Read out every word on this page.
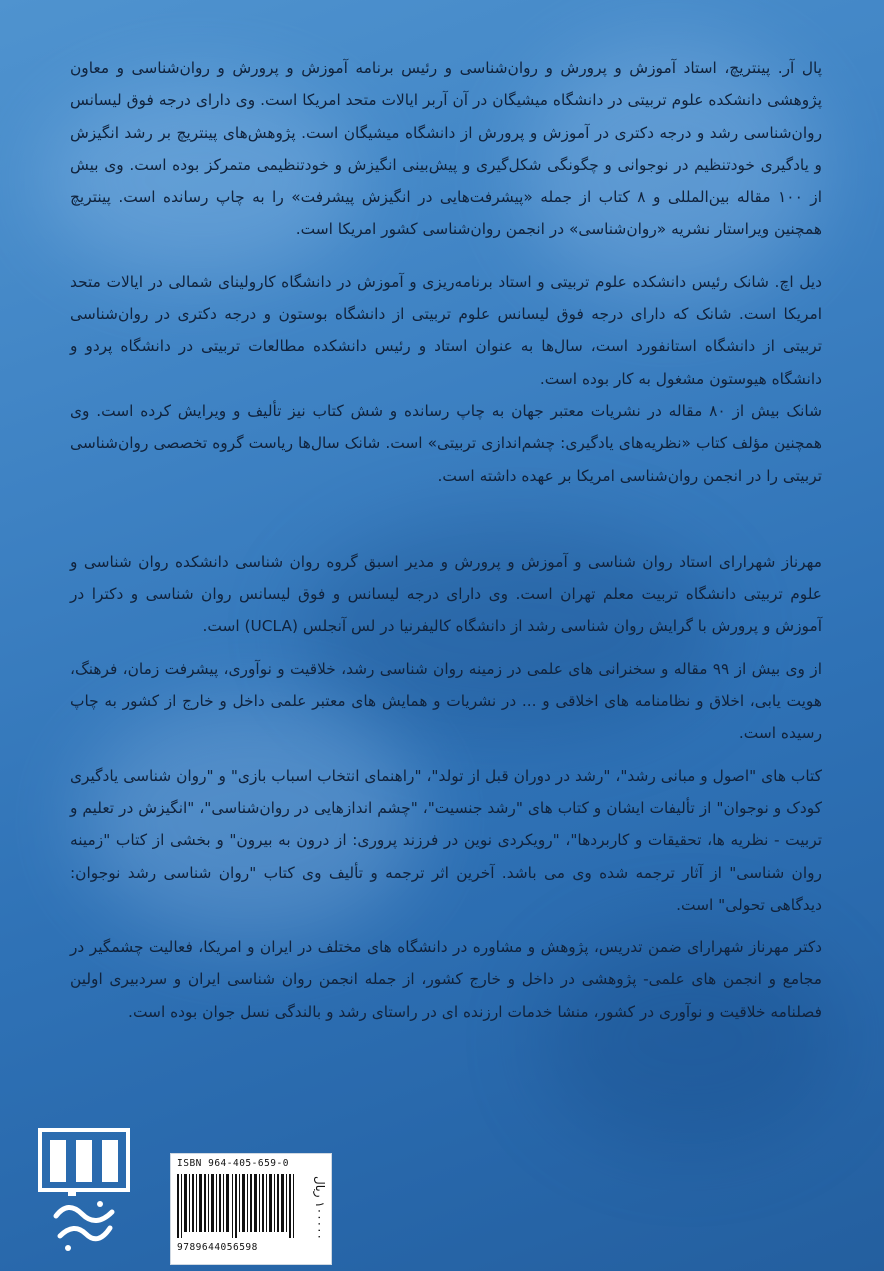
پال آر. پینتریچ، استاد آموزش و پرورش و روان‌شناسی و رئیس برنامه آموزش و پرورش و روان‌شناسی و معاون پژوهشی دانشکده علوم تربیتی در دانشگاه میشیگان در آن آربر ایالات متحد امریکا است. وی دارای درجه فوق لیسانس روان‌شناسی رشد و درجه دکتری در آموزش و پرورش از دانشگاه میشیگان است. پژوهش‌های پینتریچ بر رشد انگیزش و یادگیری خودتنظیم در نوجوانی و چگونگی شکل‌گیری و پیش‌بینی انگیزش و خودتنظیمی متمرکز بوده است. وی بیش از ۱۰۰ مقاله بین‌المللی و ۸ کتاب از جمله «پیشرفت‌هایی در انگیزش پیشرفت» را به چاپ رسانده است. پینتریچ همچنین ویراستار نشریه «روان‌شناسی» در انجمن روان‌شناسی کشور امریکا است.

دیل اچ. شانک رئیس دانشکده علوم تربیتی و استاد برنامه‌ریزی و آموزش در دانشگاه کارولینای شمالی در ایالات متحد امریکا است. شانک که دارای درجه فوق لیسانس علوم تربیتی از دانشگاه بوستون و درجه دکتری در روان‌شناسی تربیتی از دانشگاه استانفورد است، سال‌ها به عنوان استاد و رئیس دانشکده مطالعات تربیتی در دانشگاه پردو و دانشگاه هیوستون مشغول به کار بوده است.

شانک بیش از ۸۰ مقاله در نشریات معتبر جهان به چاپ رسانده و شش کتاب نیز تألیف و ویرایش کرده است. وی همچنین مؤلف کتاب «نظریه‌های یادگیری: چشم‌اندازی تربیتی» است. شانک سال‌ها ریاست گروه تخصصی روان‌شناسی تربیتی را در انجمن روان‌شناسی امریکا بر عهده داشته است.

مهرناز شهرارای استاد روان شناسی و آموزش و پرورش و مدیر اسبق گروه روان شناسی دانشکده روان شناسی و علوم تربیتی دانشگاه تربیت معلم تهران است. وی دارای درجه لیسانس و فوق لیسانس روان شناسی و دکترا در آموزش و پرورش با گرایش روان شناسی رشد از دانشگاه کالیفرنیا در لس آنجلس (UCLA) است.

از وی بیش از ۹۹ مقاله و سخنرانی های علمی در زمینه روان شناسی رشد، خلاقیت و نوآوری، پیشرفت زمان، فرهنگ، هویت یابی، اخلاق و نظامنامه های اخلاقی و ... در نشریات و همایش های معتبر علمی داخل و خارج از کشور به چاپ رسیده است.

کتاب های "اصول و مبانی رشد"، "رشد در دوران قبل از تولد"، "راهنمای انتخاب اسباب بازی" و "روان شناسی یادگیری کودک و نوجوان" از تألیفات ایشان و کتاب های "رشد جنسیت"، "چشم اندازهایی در روان‌شناسی"، "انگیزش در تعلیم و تربیت - نظریه ها، تحقیقات و کاربردها"، "رویکردی نوین در فرزند پروری: از درون به بیرون" و بخشی از کتاب "زمینه روان شناسی" از آثار ترجمه شده وی می باشد. آخرین اثر ترجمه و تألیف وی کتاب "روان شناسی رشد نوجوان: دیدگاهی تحولی" است.

دکتر مهرناز شهرارای ضمن تدریس، پژوهش و مشاوره در دانشگاه های مختلف در ایران و امریکا، فعالیت چشمگیر در مجامع و انجمن های علمی- پژوهشی در داخل و خارج کشور، از جمله انجمن روان شناسی ایران و سردبیری اولین فصلنامه خلاقیت و نوآوری در کشور، منشا خدمات ارزنده ای در راستای رشد و بالندگی نسل جوان بوده است.

ISBN 964-405-659-0
9789644056598
۱۰۰۰۰۰ ریال
